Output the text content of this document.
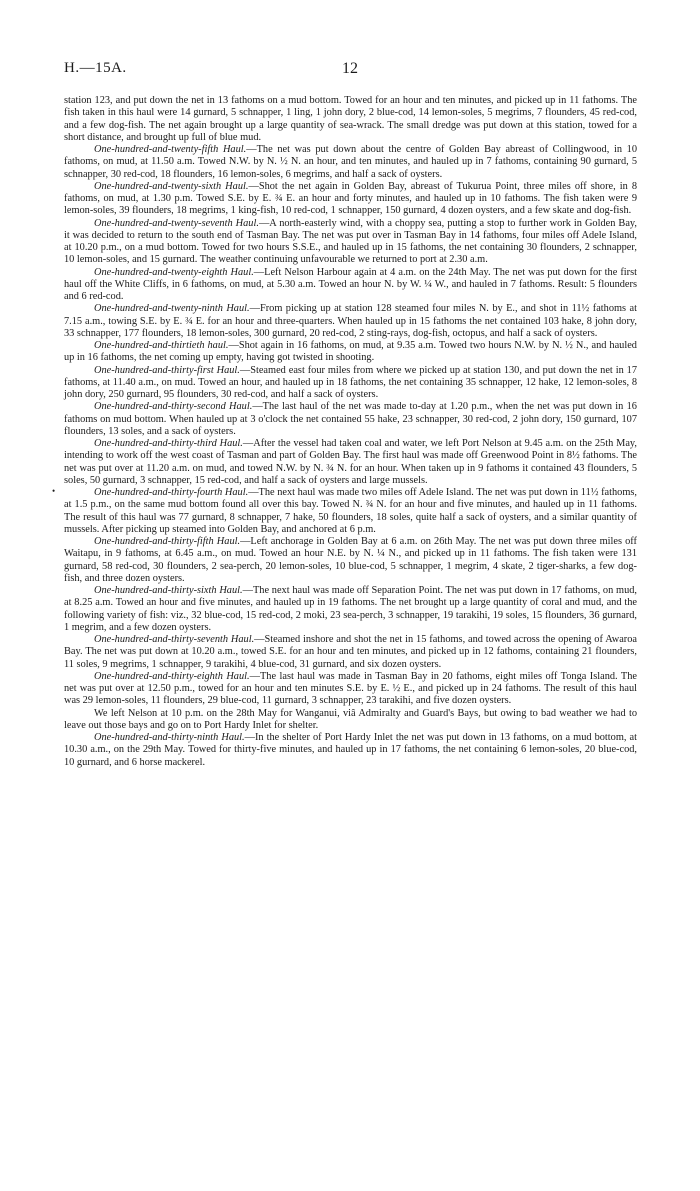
H.—15A.	12
•

station 123, and put down the net in 13 fathoms on a mud bottom. Towed for an hour and ten minutes, and picked up in 11 fathoms. The fish taken in this haul were 14 gurnard, 5 schnapper, 1 ling, 1 john dory, 2 blue-cod, 14 lemon-soles, 5 megrims, 7 flounders, 45 red-cod, and a few dog-fish. The net again brought up a large quantity of sea-wrack. The small dredge was put down at this station, towed for a short distance, and brought up full of blue mud.

One-hundred-and-twenty-fifth Haul.—The net was put down about the centre of Golden Bay abreast of Collingwood, in 10 fathoms, on mud, at 11.50 a.m. Towed N.W. by N. ½ N. an hour, and ten minutes, and hauled up in 7 fathoms, containing 90 gurnard, 5 schnapper, 30 red-cod, 18 flounders, 16 lemon-soles, 6 megrims, and half a sack of oysters.

One-hundred-and-twenty-sixth Haul.—Shot the net again in Golden Bay, abreast of Tukurua Point, three miles off shore, in 8 fathoms, on mud, at 1.30 p.m. Towed S.E. by E. ¾ E. an hour and forty minutes, and hauled up in 10 fathoms. The fish taken were 9 lemon-soles, 39 flounders, 18 megrims, 1 king-fish, 10 red-cod, 1 schnapper, 150 gurnard, 4 dozen oysters, and a few skate and dog-fish.

One-hundred-and-twenty-seventh Haul.—A north-easterly wind, with a choppy sea, putting a stop to further work in Golden Bay, it was decided to return to the south end of Tasman Bay. The net was put over in Tasman Bay in 14 fathoms, four miles off Adele Island, at 10.20 p.m., on a mud bottom. Towed for two hours S.S.E., and hauled up in 15 fathoms, the net containing 30 flounders, 2 schnapper, 10 lemon-soles, and 15 gurnard. The weather continuing unfavourable we returned to port at 2.30 a.m.

One-hundred-and-twenty-eighth Haul.—Left Nelson Harbour again at 4 a.m. on the 24th May. The net was put down for the first haul off the White Cliffs, in 6 fathoms, on mud, at 5.30 a.m. Towed an hour N. by W. ¼ W., and hauled in 7 fathoms. Result: 5 flounders and 6 red-cod.

One-hundred-and-twenty-ninth Haul.—From picking up at station 128 steamed four miles N. by E., and shot in 11½ fathoms at 7.15 a.m., towing S.E. by E. ¾ E. for an hour and three-quarters. When hauled up in 15 fathoms the net contained 103 hake, 8 john dory, 33 schnapper, 177 flounders, 18 lemon-soles, 300 gurnard, 20 red-cod, 2 sting-rays, dog-fish, octopus, and half a sack of oysters.

One-hundred-and-thirtieth haul.—Shot again in 16 fathoms, on mud, at 9.35 a.m. Towed two hours N.W. by N. ½ N., and hauled up in 16 fathoms, the net coming up empty, having got twisted in shooting.

One-hundred-and-thirty-first Haul.—Steamed east four miles from where we picked up at station 130, and put down the net in 17 fathoms, at 11.40 a.m., on mud. Towed an hour, and hauled up in 18 fathoms, the net containing 35 schnapper, 12 hake, 12 lemon-soles, 8 john dory, 250 gurnard, 95 flounders, 30 red-cod, and half a sack of oysters.

One-hundred-and-thirty-second Haul.—The last haul of the net was made to-day at 1.20 p.m., when the net was put down in 16 fathoms on mud bottom. When hauled up at 3 o'clock the net contained 55 hake, 23 schnapper, 30 red-cod, 2 john dory, 150 gurnard, 107 flounders, 13 soles, and a sack of oysters.

One-hundred-and-thirty-third Haul.—After the vessel had taken coal and water, we left Port Nelson at 9.45 a.m. on the 25th May, intending to work off the west coast of Tasman and part of Golden Bay. The first haul was made off Greenwood Point in 8½ fathoms. The net was put over at 11.20 a.m. on mud, and towed N.W. by N. ¾ N. for an hour. When taken up in 9 fathoms it contained 43 flounders, 5 soles, 50 gurnard, 3 schnapper, 15 red-cod, and half a sack of oysters and large mussels.

One-hundred-and-thirty-fourth Haul.—The next haul was made two miles off Adele Island. The net was put down in 11½ fathoms, at 1.5 p.m., on the same mud bottom found all over this bay. Towed N. ¾ N. for an hour and five minutes, and hauled up in 11 fathoms. The result of this haul was 77 gurnard, 8 schnapper, 7 hake, 50 flounders, 18 soles, quite half a sack of oysters, and a similar quantity of mussels. After picking up steamed into Golden Bay, and anchored at 6 p.m.

One-hundred-and-thirty-fifth Haul.—Left anchorage in Golden Bay at 6 a.m. on 26th May. The net was put down three miles off Waitapu, in 9 fathoms, at 6.45 a.m., on mud. Towed an hour N.E. by N. ¼ N., and picked up in 11 fathoms. The fish taken were 131 gurnard, 58 red-cod, 30 flounders, 2 sea-perch, 20 lemon-soles, 10 blue-cod, 5 schnapper, 1 megrim, 4 skate, 2 tiger-sharks, a few dog-fish, and three dozen oysters.

One-hundred-and-thirty-sixth Haul.—The next haul was made off Separation Point. The net was put down in 17 fathoms, on mud, at 8.25 a.m. Towed an hour and five minutes, and hauled up in 19 fathoms. The net brought up a large quantity of coral and mud, and the following variety of fish: viz., 32 blue-cod, 15 red-cod, 2 moki, 23 sea-perch, 3 schnapper, 19 tarakihi, 19 soles, 15 flounders, 36 gurnard, 1 megrim, and a few dozen oysters.

One-hundred-and-thirty-seventh Haul.—Steamed inshore and shot the net in 15 fathoms, and towed across the opening of Awaroa Bay. The net was put down at 10.20 a.m., towed S.E. for an hour and ten minutes, and picked up in 12 fathoms, containing 21 flounders, 11 soles, 9 megrims, 1 schnapper, 9 tarakihi, 4 blue-cod, 31 gurnard, and six dozen oysters.

One-hundred-and-thirty-eighth Haul.—The last haul was made in Tasman Bay in 20 fathoms, eight miles off Tonga Island. The net was put over at 12.50 p.m., towed for an hour and ten minutes S.E. by E. ½ E., and picked up in 24 fathoms. The result of this haul was 29 lemon-soles, 11 flounders, 29 blue-cod, 11 gurnard, 3 schnapper, 23 tarakihi, and five dozen oysters.

We left Nelson at 10 p.m. on the 28th May for Wanganui, viâ Admiralty and Guard's Bays, but owing to bad weather we had to leave out those bays and go on to Port Hardy Inlet for shelter.

One-hundred-and-thirty-ninth Haul.—In the shelter of Port Hardy Inlet the net was put down in 13 fathoms, on a mud bottom, at 10.30 a.m., on the 29th May. Towed for thirty-five minutes, and hauled up in 17 fathoms, the net containing 6 lemon-soles, 20 blue-cod, 10 gurnard, and 6 horse mackerel.
